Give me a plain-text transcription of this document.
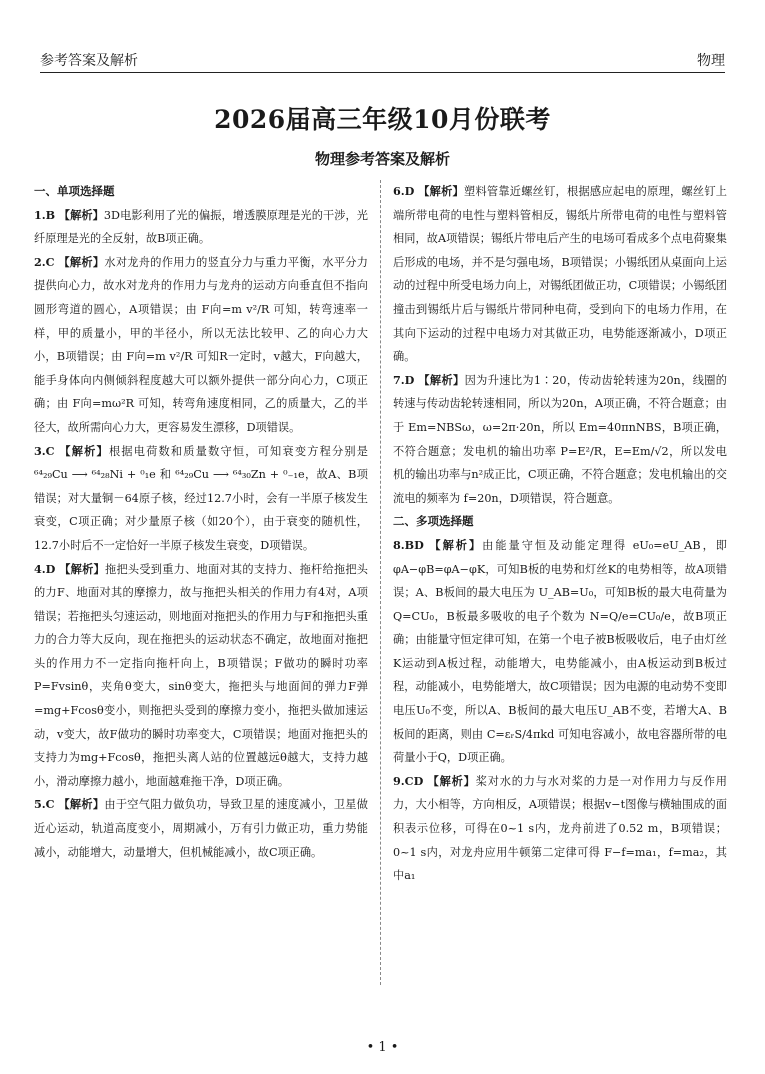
参考答案及解析	物理
2026届高三年级10月份联考
物理参考答案及解析
一、单项选择题

1.B 【解析】3D电影利用了光的偏振，增透膜原理是光的干涉，光纤原理是光的全反射，故B项正确。

2.C 【解析】水对龙舟的作用力的竖直分力与重力平衡，水平分力提供向心力，故水对龙舟的作用力与龙舟的运动方向垂直但不指向圆形弯道的圆心，A项错误；由 F向=m v²/R 可知，转弯速率一样，甲的质量小，甲的半径小，所以无法比较甲、乙的向心力大小，B项错误；由 F向=m v²/R 可知R一定时，v越大，F向越大，能手身体向内侧倾斜程度越大可以额外提供一部分向心力，C项正确；由 F向=mω²R 可知，转弯角速度相同，乙的质量大，乙的半径大，故所需向心力大，更容易发生漂移，D项错误。

3.C 【解析】根据电荷数和质量数守恒，可知衰变方程分别是 ⁶⁴₂₉Cu ⟶ ⁶⁴₂₈Ni + ⁰₁e 和 ⁶⁴₂₉Cu ⟶ ⁶⁴₃₀Zn + ⁰₋₁e，故A、B项错误；对大量铜－64原子核，经过12.7小时，会有一半原子核发生衰变，C项正确；对少量原子核（如20个），由于衰变的随机性，12.7小时后不一定恰好一半原子核发生衰变，D项错误。

4.D 【解析】拖把头受到重力、地面对其的支持力、拖杆给拖把头的力F、地面对其的摩擦力，故与拖把头相关的作用力有4对，A项错误；若拖把头匀速运动，则地面对拖把头的作用力与F和拖把头重力的合力等大反向，现在拖把头的运动状态不确定，故地面对拖把头的作用力不一定指向拖杆向上，B项错误；F做功的瞬时功率P=Fvsinθ，夹角θ变大，sinθ变大，拖把头与地面间的弹力F弹=mg+Fcosθ变小，则拖把头受到的摩擦力变小，拖把头做加速运动，v变大，故F做功的瞬时功率变大，C项错误；地面对拖把头的支持力为mg+Fcosθ，拖把头离人站的位置越远θ越大，支持力越小，滑动摩擦力越小，地面越难拖干净，D项正确。

5.C 【解析】由于空气阻力做负功，导致卫星的速度减小，卫星做近心运动，轨道高度变小，周期减小，万有引力做正功，重力势能减小，动能增大，动量增大，但机械能减小，故C项正确。

6.D 【解析】塑料管靠近螺丝钉，根据感应起电的原理，螺丝钉上端所带电荷的电性与塑料管相反，锡纸片所带电荷的电性与塑料管相同，故A项错误；锡纸片带电后产生的电场可看成多个点电荷聚集后形成的电场，并不是匀强电场，B项错误；小锡纸团从桌面向上运动的过程中所受电场力向上，对锡纸团做正功，C项错误；小锡纸团撞击到锡纸片后与锡纸片带同种电荷，受到向下的电场力作用，在其向下运动的过程中电场力对其做正功，电势能逐渐减小，D项正确。

7.D 【解析】因为升速比为1∶20，传动齿轮转速为20n，线圈的转速与传动齿轮转速相同，所以为20n，A项正确，不符合题意；由于 Em=NBSω，ω=2π·20n，所以 Em=40πnNBS，B项正确，不符合题意；发电机的输出功率 P=E²/R，E=Em/√2，所以发电机的输出功率与n²成正比，C项正确，不符合题意；发电机输出的交流电的频率为 f=20n，D项错误，符合题意。

二、多项选择题

8.BD 【解析】由能量守恒及动能定理得 eU₀=eU_AB，即 φA−φB=φA−φK，可知B板的电势和灯丝K的电势相等，故A项错误；A、B板间的最大电压为 U_AB=U₀，可知B板的最大电荷量为 Q=CU₀，B板最多吸收的电子个数为 N=Q/e=CU₀/e，故B项正确；由能量守恒定律可知，在第一个电子被B板吸收后，电子由灯丝K运动到A板过程，动能增大，电势能减小，由A板运动到B板过程，动能减小，电势能增大，故C项错误；因为电源的电动势不变即电压U₀不变，所以A、B板间的最大电压U_AB不变，若增大A、B板间的距离，则由 C=εᵣS/4πkd 可知电容减小，故电容器所带的电荷量小于Q，D项正确。

9.CD 【解析】桨对水的力与水对桨的力是一对作用力与反作用力，大小相等，方向相反，A项错误；根据v−t图像与横轴围成的面积表示位移，可得在0~1 s内，龙舟前进了0.52 m，B项错误；0~1 s内，对龙舟应用牛顿第二定律可得 F−f=ma₁，f=ma₂，其中a₁

• 1 •
